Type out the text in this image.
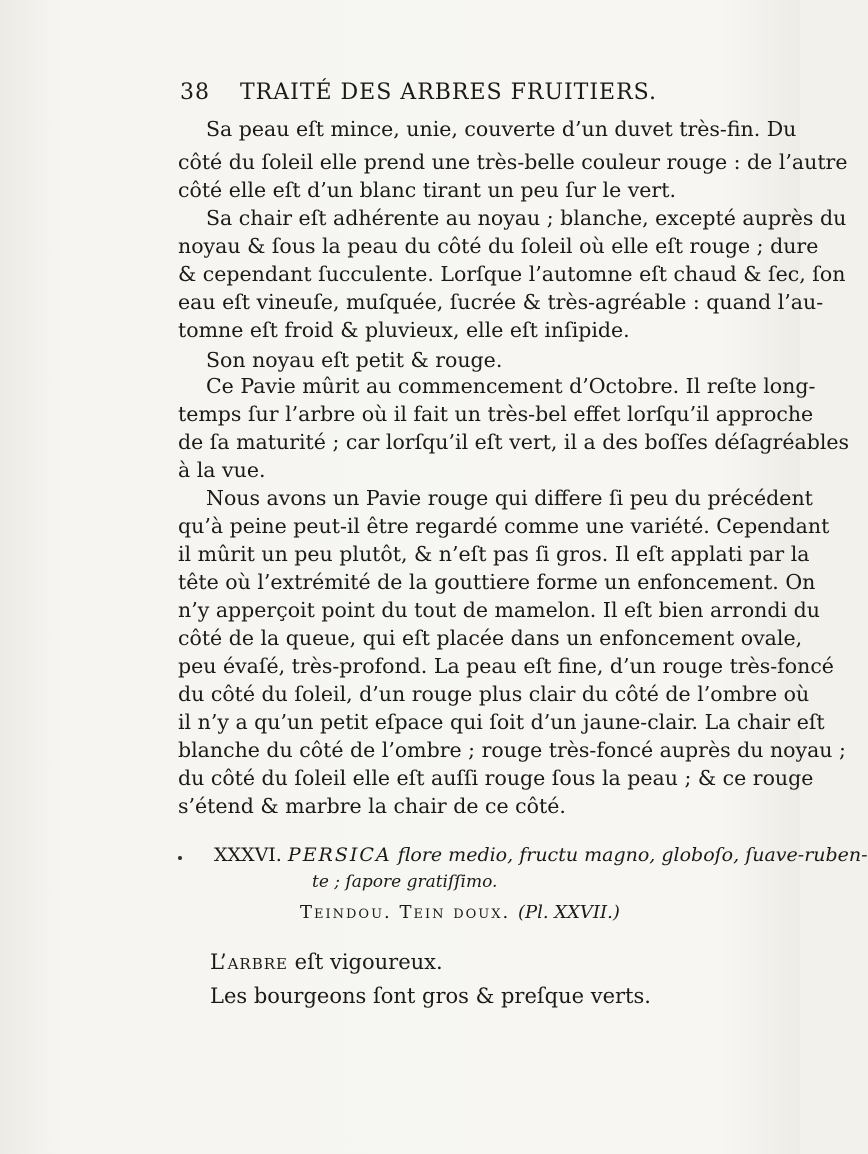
38 TRAITÉ DES ARBRES FRUITIERS.
Sa peau eſt mince, unie, couverte d’un duvet très-fin. Du
côté du ſoleil elle prend une très-belle couleur rouge : de l’autre
côté elle eſt d’un blanc tirant un peu ſur le vert.
Sa chair eſt adhérente au noyau ; blanche, excepté auprès du
noyau & ſous la peau du côté du ſoleil où elle eſt rouge ; dure
& cependant ſucculente. Lorſque l’automne eſt chaud & ſec, ſon
eau eſt vineuſe, muſquée, ſucrée & très-agréable : quand l’au-
tomne eſt froid & pluvieux, elle eſt inſipide.
Son noyau eſt petit & rouge.
Ce Pavie mûrit au commencement d’Octobre. Il reſte long-
temps ſur l’arbre où il fait un très-bel effet lorſqu’il approche
de ſa maturité ; car lorſqu’il eſt vert, il a des boſſes déſagréables
à la vue.
Nous avons un Pavie rouge qui differe ſi peu du précédent
qu’à peine peut-il être regardé comme une variété. Cependant
il mûrit un peu plutôt, & n’eſt pas ſi gros. Il eſt applati par la
tête où l’extrémité de la gouttiere forme un enfoncement. On
n’y apperçoit point du tout de mamelon. Il eſt bien arrondi du
côté de la queue, qui eſt placée dans un enfoncement ovale,
peu évaſé, très-profond. La peau eſt fine, d’un rouge très-foncé
du côté du ſoleil, d’un rouge plus clair du côté de l’ombre où
il n’y a qu’un petit eſpace qui ſoit d’un jaune-clair. La chair eſt
blanche du côté de l’ombre ; rouge très-foncé auprès du noyau ;
du côté du ſoleil elle eſt auſſi rouge ſous la peau ; & ce rouge
s’étend & marbre la chair de ce côté.
XXXVI. PERSICA flore medio, fructu magno, globoſo, ſuave-ruben-
te ; ſapore gratiſſimo.
Teindou. Tein doux. (Pl. XXVII.)
L’arbre eſt vigoureux.
Les bourgeons ſont gros & preſque verts.
